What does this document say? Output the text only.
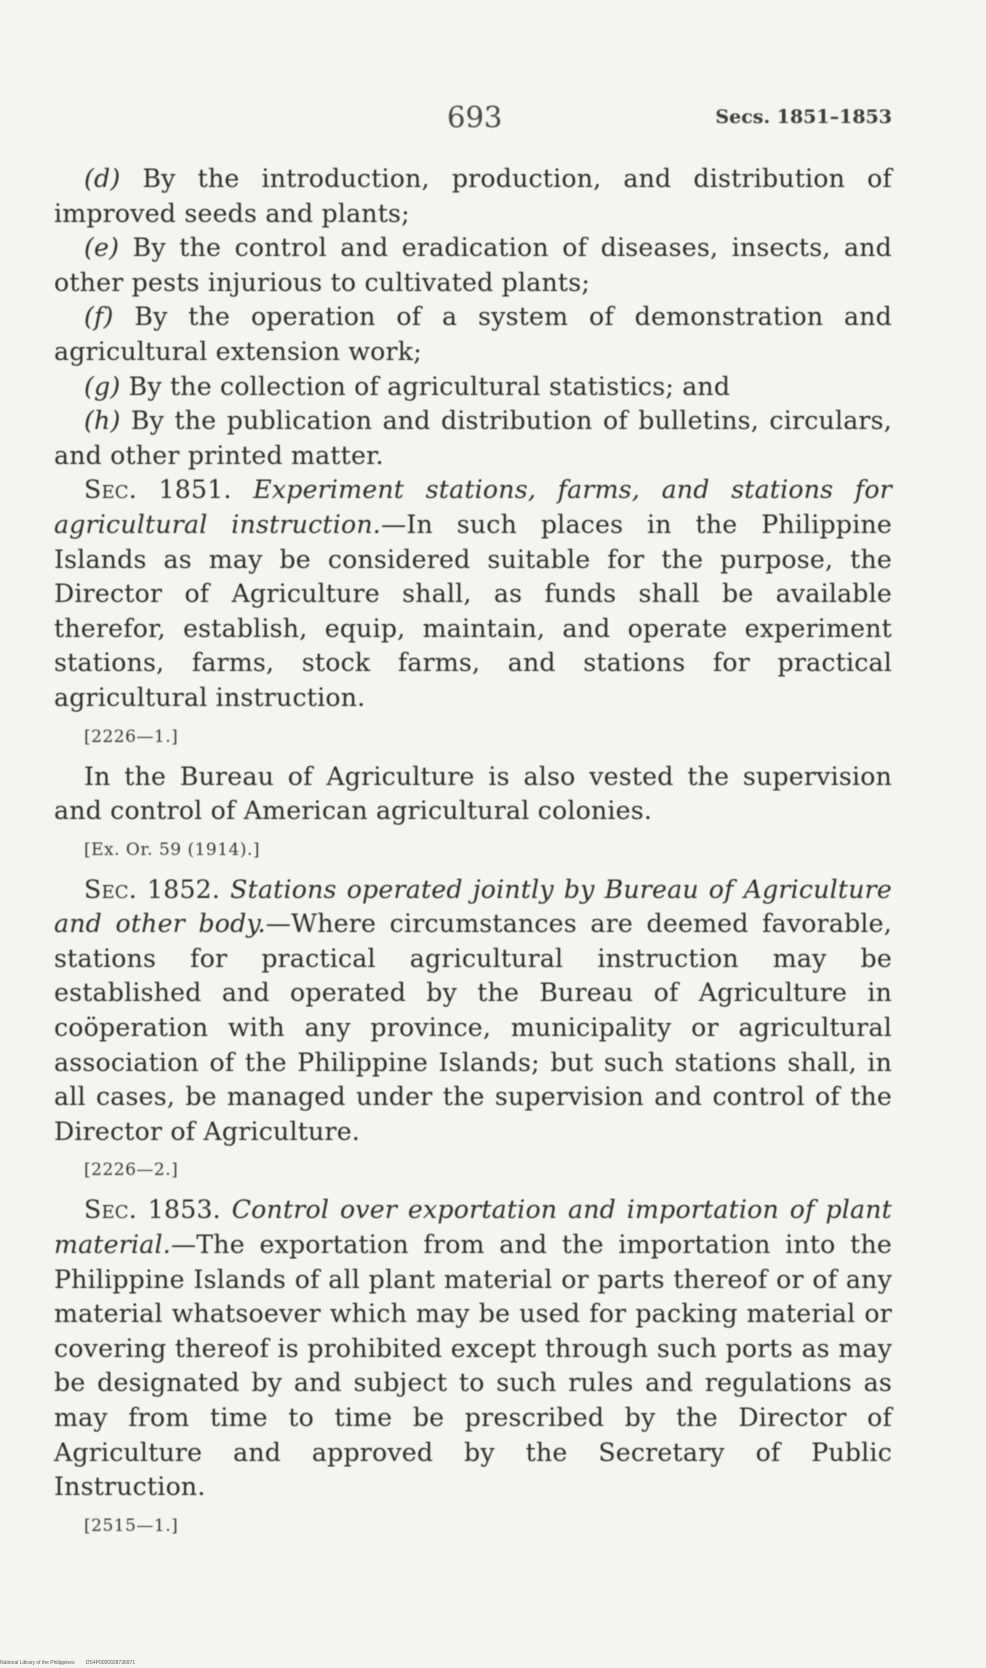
693	Secs. 1851–1853

(d) By the introduction, production, and distribution of improved seeds and plants;

(e) By the control and eradication of diseases, insects, and other pests injurious to cultivated plants;

(f) By the operation of a system of demonstration and agricultural extension work;

(g) By the collection of agricultural statistics; and

(h) By the publication and distribution of bulletins, circulars, and other printed matter.

Sec. 1851. Experiment stations, farms, and stations for agricultural instruction.—In such places in the Philippine Islands as may be considered suitable for the purpose, the Director of Agriculture shall, as funds shall be available therefor, establish, equip, maintain, and operate experiment stations, farms, stock farms, and stations for practical agricultural instruction.

[2226—1.]

In the Bureau of Agriculture is also vested the supervision and control of American agricultural colonies.

[Ex. Or. 59 (1914).]

Sec. 1852. Stations operated jointly by Bureau of Agriculture and other body.—Where circumstances are deemed favorable, stations for practical agricultural instruction may be established and operated by the Bureau of Agriculture in coöperation with any province, municipality or agricultural association of the Philippine Islands; but such stations shall, in all cases, be managed under the supervision and control of the Director of Agriculture.

[2226—2.]

Sec. 1853. Control over exportation and importation of plant material.—The exportation from and the importation into the Philippine Islands of all plant material or parts thereof or of any material whatsoever which may be used for packing material or covering thereof is prohibited except through such ports as may be designated by and subject to such rules and regulations as may from time to time be prescribed by the Director of Agriculture and approved by the Secretary of Public Instruction.

[2515—1.]
National Library of the Philippines DS4P0000928736971
